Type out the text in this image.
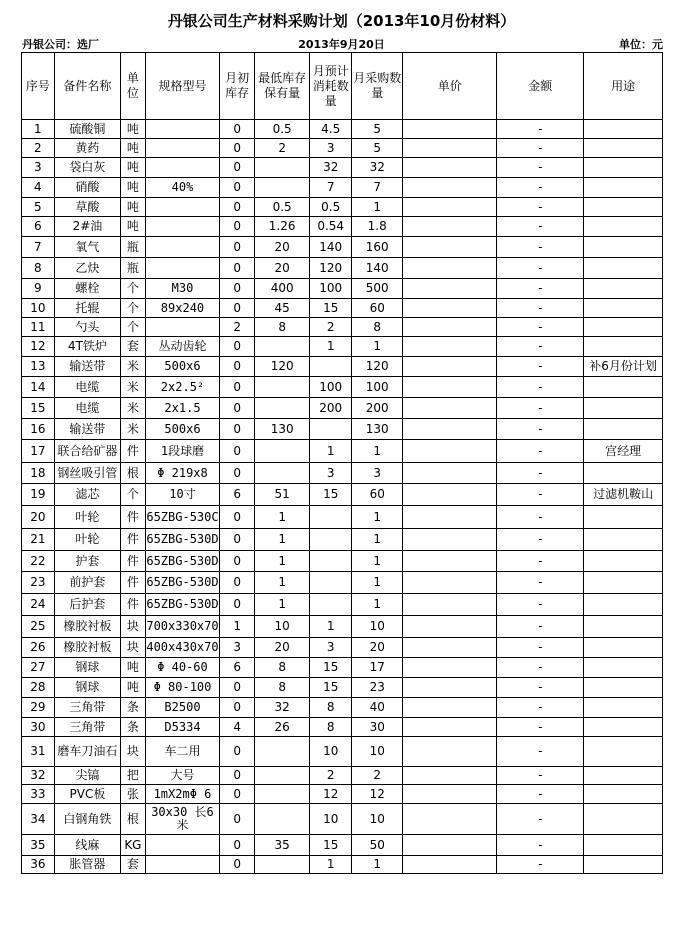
丹银公司生产材料采购计划（2013年10月份材料）
丹银公司：选厂	2013年9月20日	单位：元
序号	备件名称	单位	规格型号	月初库存	最低库存保有量	月预计消耗数量	月采购数量	单价	金额	用途
1	硫酸铜	吨		0	0.5	4.5	5		-	
2	黄药	吨		0	2	3	5		-	
3	袋白灰	吨		0		32	32		-	
4	硝酸	吨	40%	0		7	7		-	
5	草酸	吨		0	0.5	0.5	1		-	
6	2#油	吨		0	1.26	0.54	1.8		-	
7	氧气	瓶		0	20	140	160		-	
8	乙炔	瓶		0	20	120	140		-	
9	螺栓	个	M30	0	400	100	500		-	
10	托辊	个	89x240	0	45	15	60		-	
11	勺头	个		2	8	2	8		-	
12	4T铁炉	套	丛动齿轮	0		1	1		-	
13	输送带	米	500x6	0	120		120		-	补6月份计划
14	电缆	米	2x2.5²	0		100	100		-	
15	电缆	米	2x1.5	0		200	200		-	
16	输送带	米	500x6	0	130		130		-	
17	联合给矿器	件	1段球磨	0		1	1		-	宫经理
18	钢丝吸引管	根	Φ 219x8	0		3	3		-	
19	滤芯	个	10寸	6	51	15	60		-	过滤机鞍山
20	叶轮	件	65ZBG-530C	0	1		1		-	
21	叶轮	件	65ZBG-530D	0	1		1		-	
22	护套	件	65ZBG-530D	0	1		1		-	
23	前护套	件	65ZBG-530D	0	1		1		-	
24	后护套	件	65ZBG-530D	0	1		1		-	
25	橡胶衬板	块	700x330x70	1	10	1	10		-	
26	橡胶衬板	块	400x430x70	3	20	3	20		-	
27	钢球	吨	Φ 40-60	6	8	15	17		-	
28	钢球	吨	Φ 80-100	0	8	15	23		-	
29	三角带	条	B2500	0	32	8	40		-	
30	三角带	条	D5334	4	26	8	30		-	
31	磨车刀油石	块	车二用	0		10	10		-	
32	尖镐	把	大号	0		2	2		-	
33	PVC板	张	1mX2mΦ 6	0		12	12		-	
34	白钢角铁	根	30x30 长6米	0		10	10		-	
35	线麻	KG		0	35	15	50		-	
36	胀管器	套		0		1	1		-	
